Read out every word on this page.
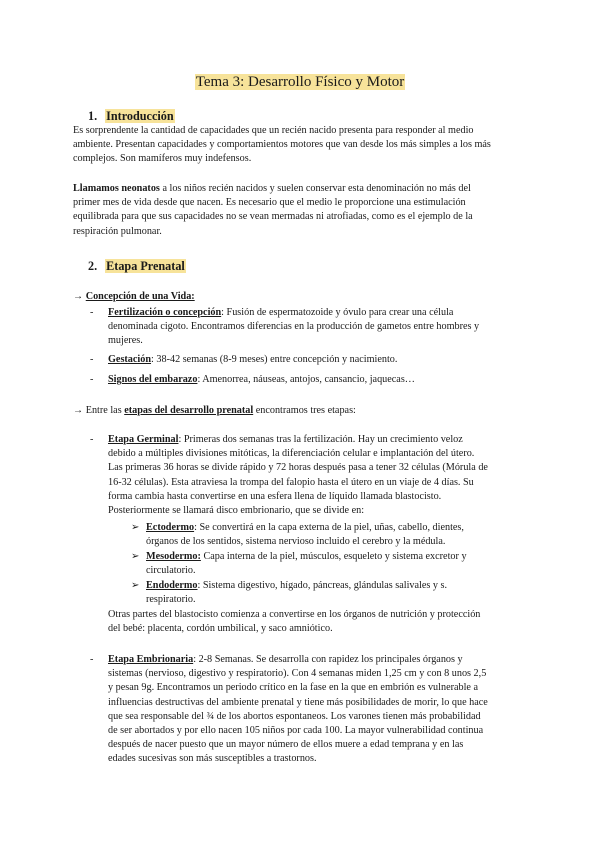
Tema 3: Desarrollo Físico y Motor
1. Introducción
Es sorprendente la cantidad de capacidades que un recién nacido presenta para responder al medio
ambiente. Presentan capacidades y comportamientos motores que van desde los más simples a los más
complejos. Son mamíferos muy indefensos.
Llamamos neonatos a los niños recién nacidos y suelen conservar esta denominación no más del
primer mes de vida desde que nacen. Es necesario que el medio le proporcione una estimulación
equilibrada para que sus capacidades no se vean mermadas ni atrofiadas, como es el ejemplo de la
respiración pulmonar.
2. Etapa Prenatal
→ Concepción de una Vida:
- Fertilización o concepción: Fusión de espermatozoide y óvulo para crear una célula
denominada cigoto. Encontramos diferencias en la producción de gametos entre hombres y
mujeres.
- Gestación: 38-42 semanas (8-9 meses) entre concepción y nacimiento.
- Signos del embarazo: Amenorrea, náuseas, antojos, cansancio, jaquecas…
→ Entre las etapas del desarrollo prenatal encontramos tres etapas:
- Etapa Germinal: Primeras dos semanas tras la fertilización. Hay un crecimiento veloz
debido a múltiples divisiones mitóticas, la diferenciación celular e implantación del útero.
Las primeras 36 horas se divide rápido y 72 horas después pasa a tener 32 células (Mórula de
16-32 células). Esta atraviesa la trompa del falopio hasta el útero en un viaje de 4 días. Su
forma cambia hasta convertirse en una esfera llena de líquido llamada blastocisto.
Posteriormente se llamará disco embrionario, que se divide en:
➢ Ectodermo: Se convertirá en la capa externa de la piel, uñas, cabello, dientes,
órganos de los sentidos, sistema nervioso incluido el cerebro y la médula.
➢ Mesodermo: Capa interna de la piel, músculos, esqueleto y sistema excretor y
circulatorio.
➢ Endodermo: Sistema digestivo, hígado, páncreas, glándulas salivales y s.
respiratorio.
Otras partes del blastocisto comienza a convertirse en los órganos de nutrición y protección
del bebé: placenta, cordón umbilical, y saco amniótico.
- Etapa Embrionaria: 2-8 Semanas. Se desarrolla con rapidez los principales órganos y
sistemas (nervioso, digestivo y respiratorio). Con 4 semanas miden 1,25 cm y con 8 unos 2,5
y pesan 9g. Encontramos un periodo crítico en la fase en la que en embrión es vulnerable a
influencias destructivas del ambiente prenatal y tiene más posibilidades de morir, lo que hace
que sea responsable del ¾ de los abortos espontaneos. Los varones tienen más probabilidad
de ser abortados y por ello nacen 105 niños por cada 100. La mayor vulnerabilidad continua
después de nacer puesto que un mayor número de ellos muere a edad temprana y en las
edades sucesivas son más susceptibles a trastornos.
